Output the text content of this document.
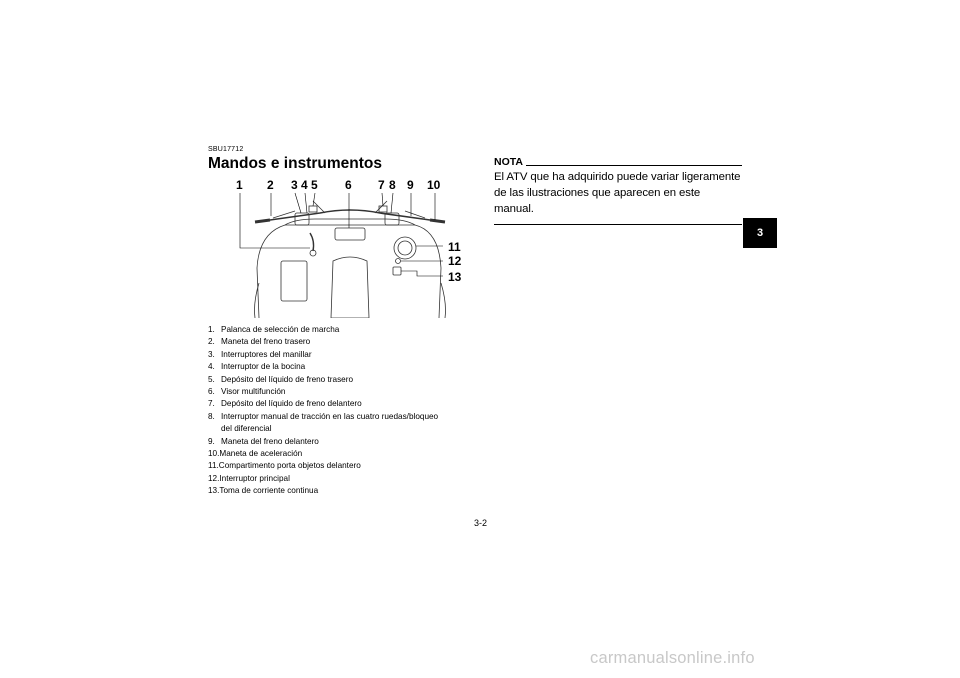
SBU17712
Mandos e instrumentos
1 2 3 4 5 6 7 8 9 10
11
12
13
1. Palanca de selección de marcha
2. Maneta del freno trasero
3. Interruptores del manillar
4. Interruptor de la bocina
5. Depósito del líquido de freno trasero
6. Visor multifunción
7. Depósito del líquido de freno delantero
8. Interruptor manual de tracción en las cuatro ruedas/bloqueo del diferencial
9. Maneta del freno delantero
10. Maneta de aceleración
11. Compartimento porta objetos delantero
12. Interruptor principal
13. Toma de corriente continua
NOTA
El ATV que ha adquirido puede variar ligeramente de las ilustraciones que aparecen en este manual.
3
3-2
carmanualsonline.info
